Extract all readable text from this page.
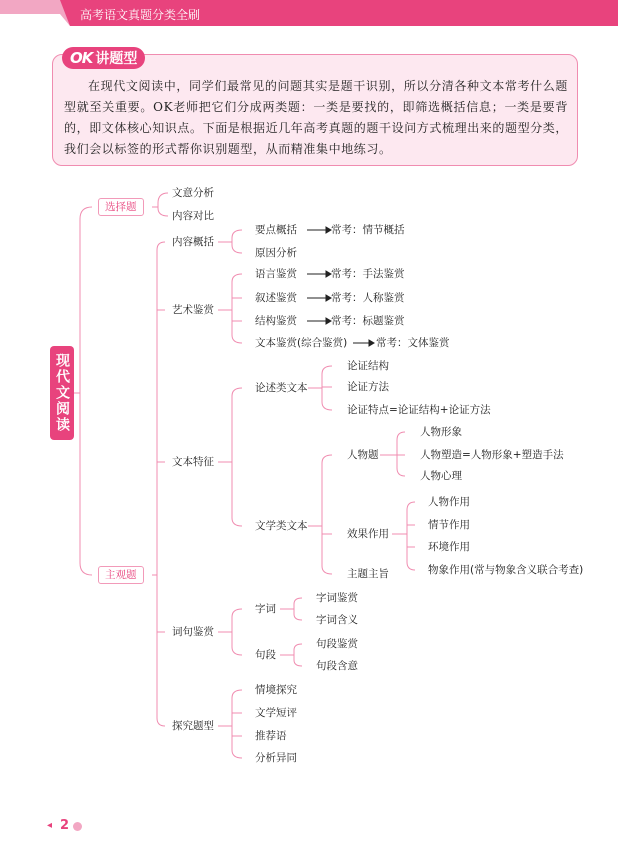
高考语文真题分类全刷
OK 讲题型
在现代文阅读中，同学们最常见的问题其实是题干识别，所以分清各种文本常考什么题型就至关重要。OK老师把它们分成两类题：一类是要找的，即筛选概括信息；一类是要背的，即文体核心知识点。下面是根据近几年高考真题的题干设问方式梳理出来的题型分类，我们会以标签的形式帮你识别题型，从而精准集中地练习。
现代文阅读
选择题
文意分析
内容对比
主观题
内容概括
要点概括	常考：情节概括
原因分析
艺术鉴赏
语言鉴赏	常考：手法鉴赏
叙述鉴赏	常考：人称鉴赏
结构鉴赏	常考：标题鉴赏
文本鉴赏(综合鉴赏)	常考：文体鉴赏
文本特征
论述类文本
论证结构
论证方法
论证特点=论证结构+论证方法
文学类文本
人物题
人物形象
人物塑造=人物形象+塑造手法
人物心理
效果作用
人物作用
情节作用
环境作用
物象作用(常与物象含义联合考查)
主题主旨
词句鉴赏
字词
字词鉴赏
字词含义
句段
句段鉴赏
句段含意
探究题型
情境探究
文学短评
推荐语
分析异同
◂ 2
